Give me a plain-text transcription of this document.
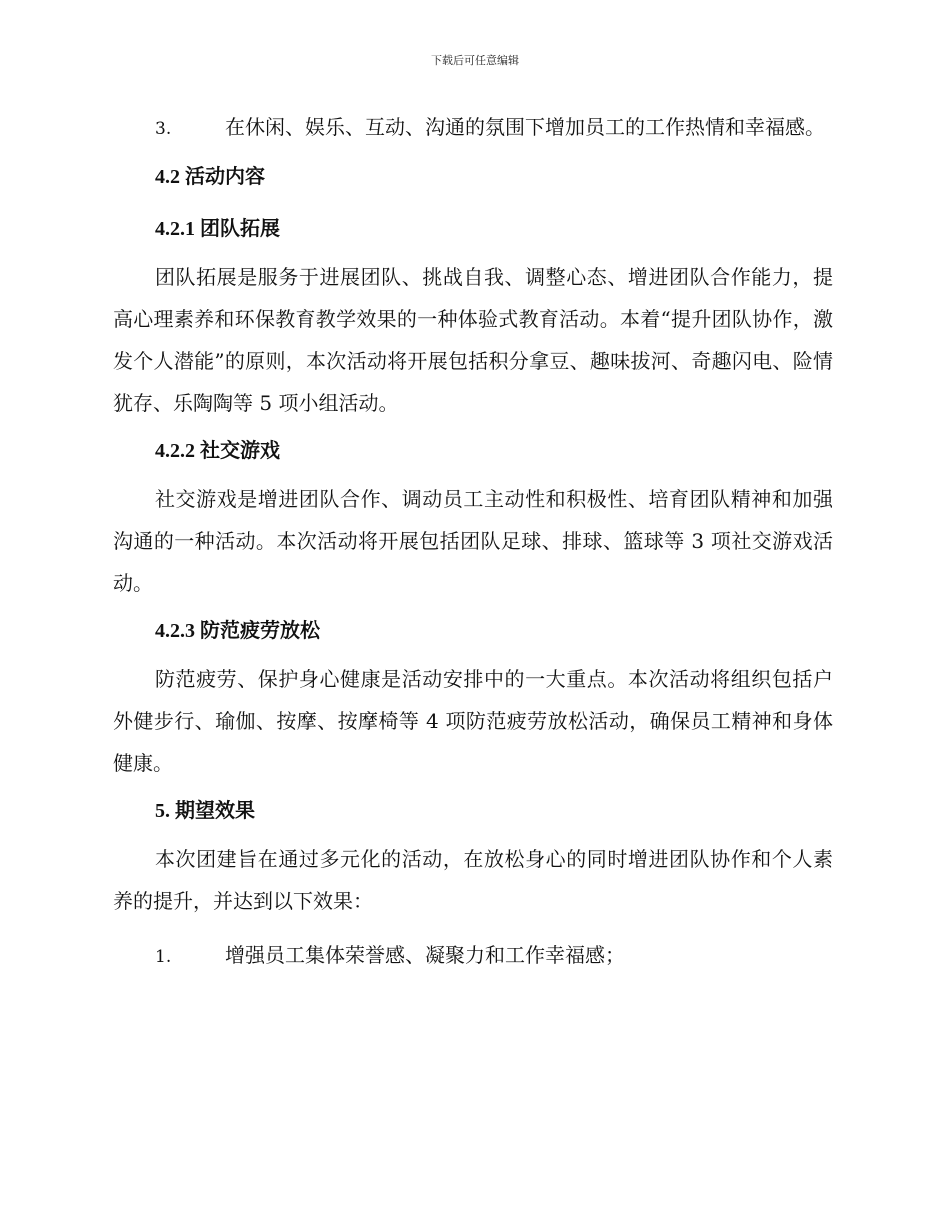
下载后可任意编辑

3.	在休闲、娱乐、互动、沟通的氛围下增加员工的工作热情和幸福感。

4.2 活动内容

4.2.1 团队拓展

团队拓展是服务于进展团队、挑战自我、调整心态、增进团队合作能力，提高心理素养和环保教育教学效果的一种体验式教育活动。本着“提升团队协作，激发个人潜能”的原则，本次活动将开展包括积分拿豆、趣味拔河、奇趣闪电、险情犹存、乐陶陶等 5 项小组活动。

4.2.2 社交游戏

社交游戏是增进团队合作、调动员工主动性和积极性、培育团队精神和加强沟通的一种活动。本次活动将开展包括团队足球、排球、篮球等 3 项社交游戏活动。

4.2.3 防范疲劳放松

防范疲劳、保护身心健康是活动安排中的一大重点。本次活动将组织包括户外健步行、瑜伽、按摩、按摩椅等 4 项防范疲劳放松活动，确保员工精神和身体健康。

5. 期望效果

本次团建旨在通过多元化的活动，在放松身心的同时增进团队协作和个人素养的提升，并达到以下效果：

1.	增强员工集体荣誉感、凝聚力和工作幸福感；
